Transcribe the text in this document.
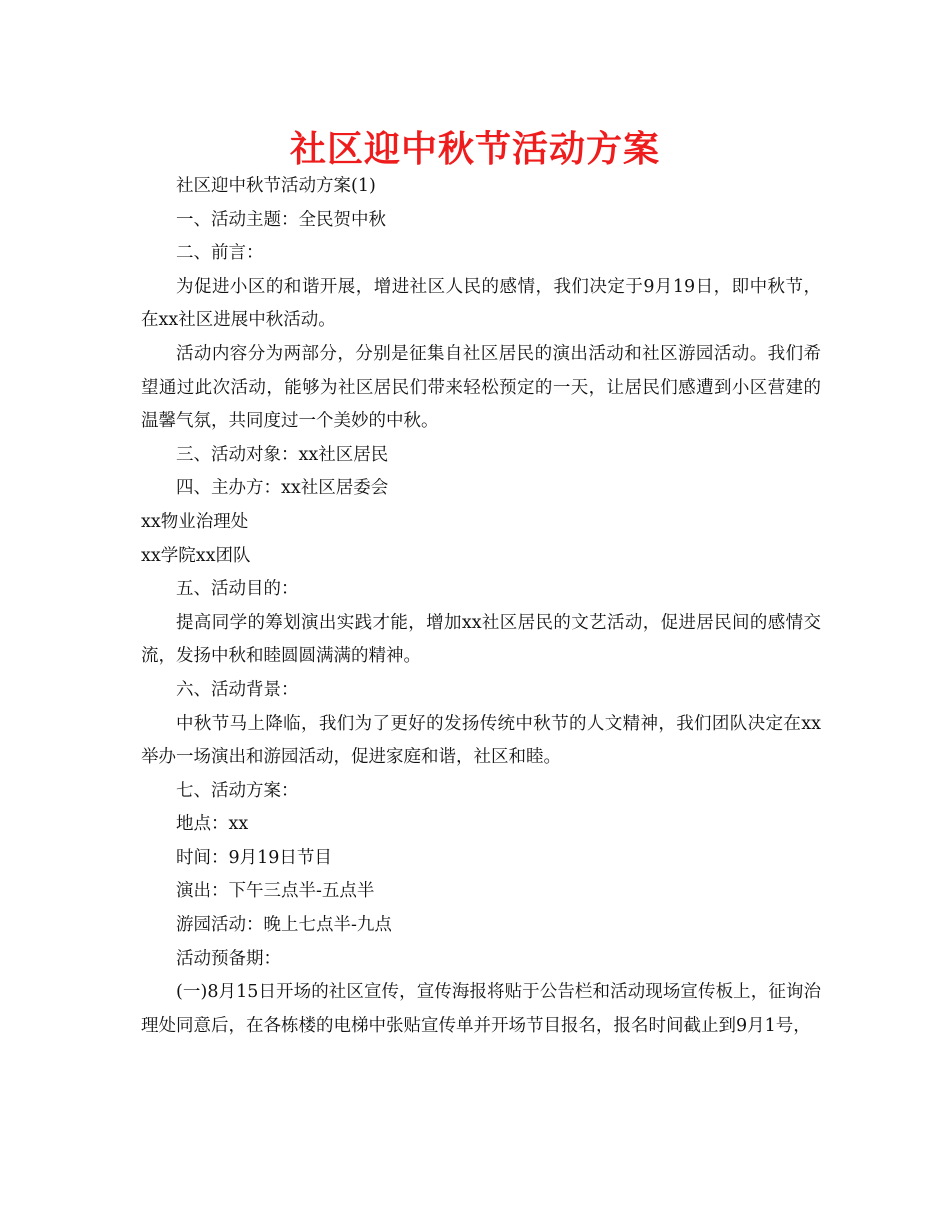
社区迎中秋节活动方案

社区迎中秋节活动方案(1)

一、活动主题：全民贺中秋

二、前言：

为促进小区的和谐开展，增进社区人民的感情，我们决定于9月19日，即中秋节，在xx社区进展中秋活动。

活动内容分为两部分，分别是征集自社区居民的演出活动和社区游园活动。我们希望通过此次活动，能够为社区居民们带来轻松预定的一天，让居民们感遭到小区营建的温馨气氛，共同度过一个美妙的中秋。

三、活动对象：xx社区居民

四、主办方：xx社区居委会

xx物业治理处

xx学院xx团队

五、活动目的：

提高同学的筹划演出实践才能，增加xx社区居民的文艺活动，促进居民间的感情交流，发扬中秋和睦圆圆满满的精神。

六、活动背景：

中秋节马上降临，我们为了更好的发扬传统中秋节的人文精神，我们团队决定在xx举办一场演出和游园活动，促进家庭和谐，社区和睦。

七、活动方案：

地点：xx

时间：9月19日节目

演出：下午三点半-五点半

游园活动：晚上七点半-九点

活动预备期：

(一)8月15日开场的社区宣传，宣传海报将贴于公告栏和活动现场宣传板上，征询治理处同意后，在各栋楼的电梯中张贴宣传单并开场节目报名，报名时间截止到9月1号，
